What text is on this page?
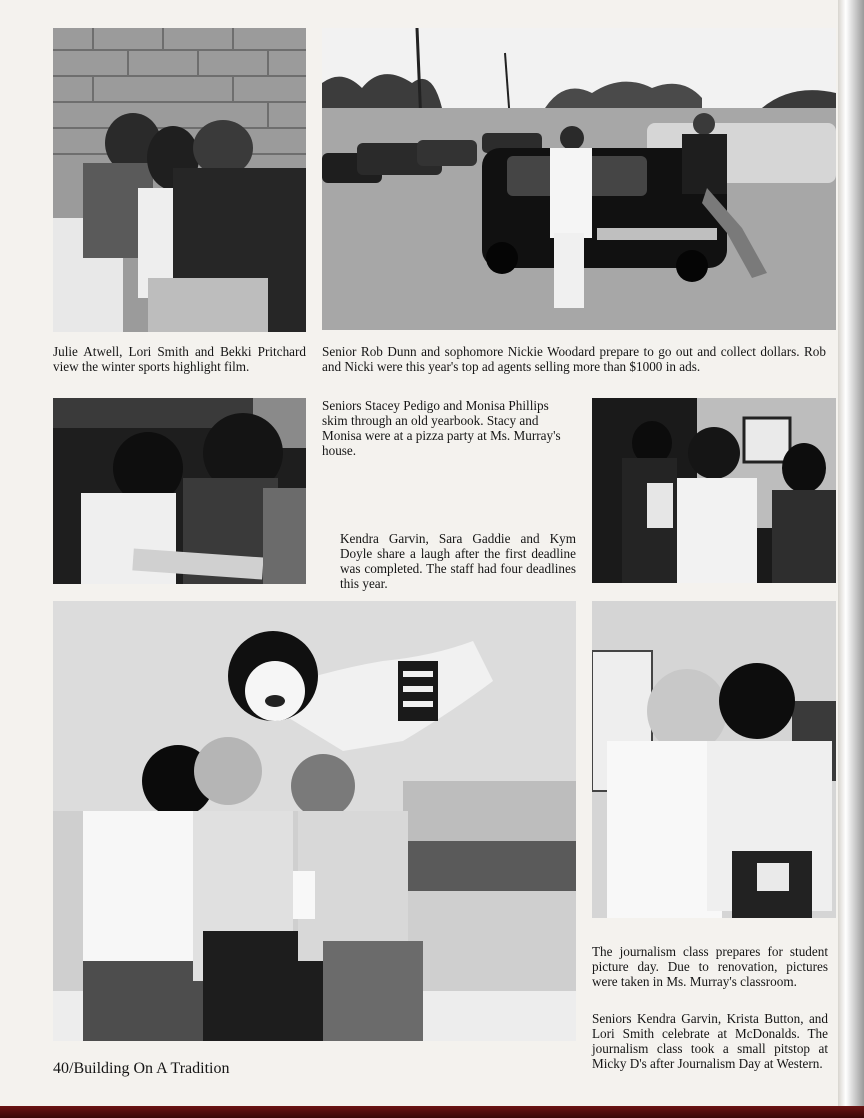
Julie Atwell, Lori Smith and Bekki Pritchard view the winter sports highlight film.

Senior Rob Dunn and sophomore Nickie Woodard prepare to go out and collect dollars. Rob and Nicki were this year's top ad agents selling more than $1000 in ads.

Seniors Stacey Pedigo and Monisa Phillips skim through an old yearbook. Stacy and Monisa were at a pizza party at Ms. Murray's house.

Kendra Garvin, Sara Gaddie and Kym Doyle share a laugh after the first deadline was completed. The staff had four deadlines this year.

The journalism class prepares for student picture day. Due to renovation, pictures were taken in Ms. Murray's classroom.

Seniors Kendra Garvin, Krista Button, and Lori Smith celebrate at McDonalds. The journalism class took a small pitstop at Micky D's after Journalism Day at Western.

40/Building On A Tradition
